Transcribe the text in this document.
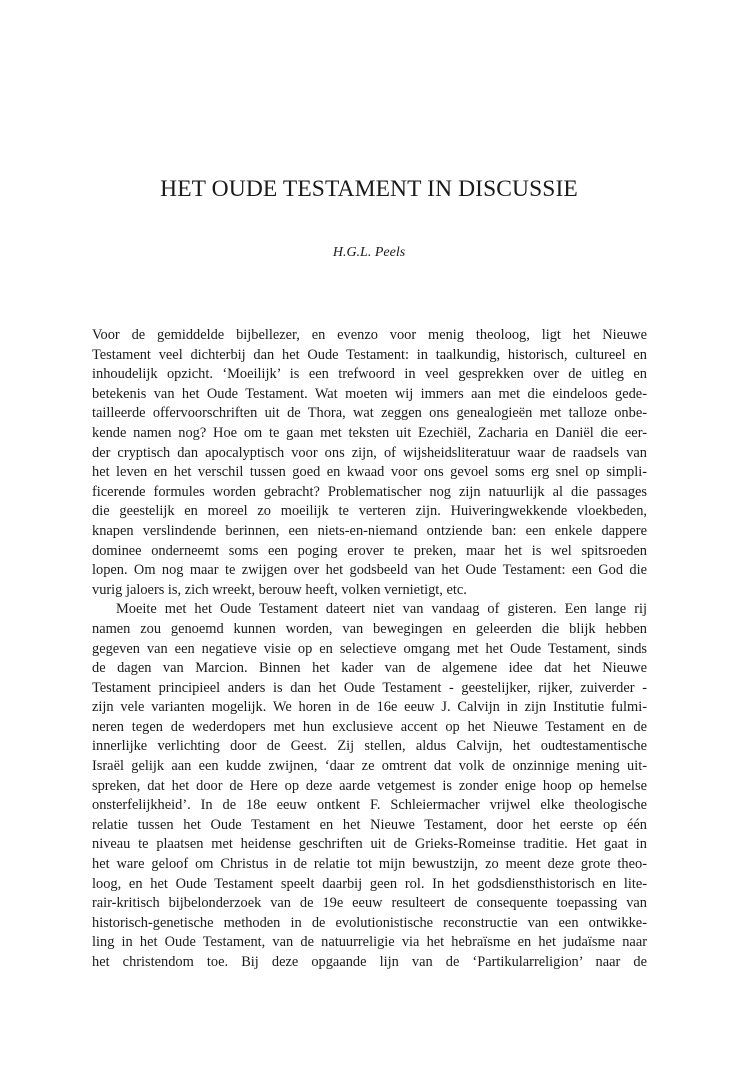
HET OUDE TESTAMENT IN DISCUSSIE
H.G.L. Peels
Voor de gemiddelde bijbellezer, en evenzo voor menig theoloog, ligt het Nieuwe
Testament veel dichterbij dan het Oude Testament: in taalkundig, historisch, cultureel en
inhoudelijk opzicht. ‘Moeilijk’ is een trefwoord in veel gesprekken over de uitleg en
betekenis van het Oude Testament. Wat moeten wij immers aan met die eindeloos gede-
tailleerde offervoorschriften uit de Thora, wat zeggen ons genealogieën met talloze onbe-
kende namen nog? Hoe om te gaan met teksten uit Ezechiël, Zacharia en Daniël die eer-
der cryptisch dan apocalyptisch voor ons zijn, of wijsheidsliteratuur waar de raadsels van
het leven en het verschil tussen goed en kwaad voor ons gevoel soms erg snel op simpli-
ficerende formules worden gebracht? Problematischer nog zijn natuurlijk al die passages
die geestelijk en moreel zo moeilijk te verteren zijn. Huiveringwekkende vloekbeden,
knapen verslindende berinnen, een niets-en-niemand ontziende ban: een enkele dappere
dominee onderneemt soms een poging erover te preken, maar het is wel spitsroeden
lopen. Om nog maar te zwijgen over het godsbeeld van het Oude Testament: een God die
vurig jaloers is, zich wreekt, berouw heeft, volken vernietigt, etc.
Moeite met het Oude Testament dateert niet van vandaag of gisteren. Een lange rij
namen zou genoemd kunnen worden, van bewegingen en geleerden die blijk hebben
gegeven van een negatieve visie op en selectieve omgang met het Oude Testament, sinds
de dagen van Marcion. Binnen het kader van de algemene idee dat het Nieuwe
Testament principieel anders is dan het Oude Testament - geestelijker, rijker, zuiverder -
zijn vele varianten mogelijk. We horen in de 16e eeuw J. Calvijn in zijn Institutie fulmi-
neren tegen de wederdopers met hun exclusieve accent op het Nieuwe Testament en de
innerlijke verlichting door de Geest. Zij stellen, aldus Calvijn, het oudtestamentische
Israël gelijk aan een kudde zwijnen, ‘daar ze omtrent dat volk de onzinnige mening uit-
spreken, dat het door de Here op deze aarde vetgemest is zonder enige hoop op hemelse
onsterfelijkheid’. In de 18e eeuw ontkent F. Schleiermacher vrijwel elke theologische
relatie tussen het Oude Testament en het Nieuwe Testament, door het eerste op één
niveau te plaatsen met heidense geschriften uit de Grieks-Romeinse traditie. Het gaat in
het ware geloof om Christus in de relatie tot mijn bewustzijn, zo meent deze grote theo-
loog, en het Oude Testament speelt daarbij geen rol. In het godsdiensthistorisch en lite-
rair-kritisch bijbelonderzoek van de 19e eeuw resulteert de consequente toepassing van
historisch-genetische methoden in de evolutionistische reconstructie van een ontwikke-
ling in het Oude Testament, van de natuurreligie via het hebraïsme en het judaïsme naar
het christendom toe. Bij deze opgaande lijn van de ‘Partikularreligion’ naar de
